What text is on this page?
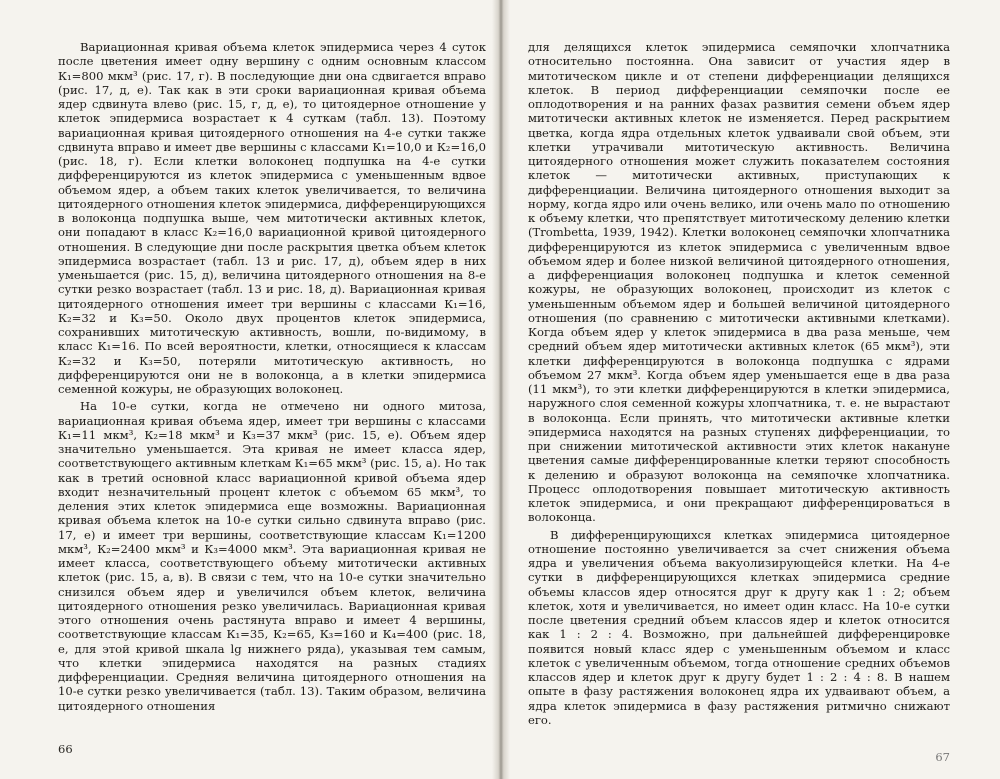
Вариационная кривая объема клеток эпидермиса через 4 суток после цветения имеет одну вершину с одним основным классом К₁=800 мкм³ (рис. 17, г). В последующие дни она сдвигается вправо (рис. 17, д, е). Так как в эти сроки вариационная кривая объема ядер сдвинута влево (рис. 15, г, д, е), то цитоядерное отношение у клеток эпидермиса возрастает к 4 суткам (табл. 13). Поэтому вариационная кривая цитоядерного отношения на 4-е сутки также сдвинута вправо и имеет две вершины с классами К₁=10,0 и К₂=16,0 (рис. 18, г). Если клетки волоконец подпушка на 4-е сутки дифференцируются из клеток эпидермиса с уменьшенным вдвое объемом ядер, а объем таких клеток увеличивается, то величина цитоядерного отношения клеток эпидермиса, дифференцирующихся в волоконца подпушка выше, чем митотически активных клеток, они попадают в класс К₂=16,0 вариационной кривой цитоядерного отношения. В следующие дни после раскрытия цветка объем клеток эпидермиса возрастает (табл. 13 и рис. 17, д), объем ядер в них уменьшается (рис. 15, д), величина цитоядерного отношения на 8-е сутки резко возрастает (табл. 13 и рис. 18, д). Вариационная кривая цитоядерного отношения имеет три вершины с классами К₁=16, К₂=32 и К₃=50. Около двух процентов клеток эпидермиса, сохранивших митотическую активность, вошли, по-видимому, в класс К₁=16. По всей вероятности, клетки, относящиеся к классам К₂=32 и К₃=50, потеряли митотическую активность, но дифференцируются они не в волоконца, а в клетки эпидермиса семенной кожуры, не образующих волоконец.

На 10-е сутки, когда не отмечено ни одного митоза, вариационная кривая объема ядер, имеет три вершины с классами К₁=11 мкм³, К₂=18 мкм³ и К₃=37 мкм³ (рис. 15, е). Объем ядер значительно уменьшается. Эта кривая не имеет класса ядер, соответствующего активным клеткам К₁=65 мкм³ (рис. 15, а). Но так как в третий основной класс вариационной кривой объема ядер входит незначительный процент клеток с объемом 65 мкм³, то деления этих клеток эпидермиса еще возможны. Вариационная кривая объема клеток на 10-е сутки сильно сдвинута вправо (рис. 17, е) и имеет три вершины, соответствующие классам К₁=1200 мкм³, К₂=2400 мкм³ и К₃=4000 мкм³. Эта вариационная кривая не имеет класса, соответствующего объему митотически активных клеток (рис. 15, а, в). В связи с тем, что на 10-е сутки значительно снизился объем ядер и увеличился объем клеток, величина цитоядерного отношения резко увеличилась. Вариационная кривая этого отношения очень растянута вправо и имеет 4 вершины, соответствующие классам К₁=35, К₂=65, К₃=160 и К₄=400 (рис. 18, е, для этой кривой шкала lg нижнего ряда), указывая тем самым, что клетки эпидермиса находятся на разных стадиях дифференциации. Средняя величина цитоядерного отношения на 10-е сутки резко увеличивается (табл. 13). Таким образом, величина цитоядерного отношения

66

для делящихся клеток эпидермиса семяпочки хлопчатника относительно постоянна. Она зависит от участия ядер в митотическом цикле и от степени дифференциации делящихся клеток. В период дифференциации семяпочки после ее оплодотворения и на ранних фазах развития семени объем ядер митотически активных клеток не изменяется. Перед раскрытием цветка, когда ядра отдельных клеток удваивали свой объем, эти клетки утрачивали митотическую активность. Величина цитоядерного отношения может служить показателем состояния клеток — митотически активных, приступающих к дифференциации. Величина цитоядерного отношения выходит за норму, когда ядро или очень велико, или очень мало по отношению к объему клетки, что препятствует митотическому делению клетки (Trombetta, 1939, 1942). Клетки волоконец семяпочки хлопчатника дифференцируются из клеток эпидермиса с увеличенным вдвое объемом ядер и более низкой величиной цитоядерного отношения, а дифференциация волоконец подпушка и клеток семенной кожуры, не образующих волоконец, происходит из клеток с уменьшенным объемом ядер и большей величиной цитоядерного отношения (по сравнению с митотически активными клетками). Когда объем ядер у клеток эпидермиса в два раза меньше, чем средний объем ядер митотически активных клеток (65 мкм³), эти клетки дифференцируются в волоконца подпушка с ядрами объемом 27 мкм³. Когда объем ядер уменьшается еще в два раза (11 мкм³), то эти клетки дифференцируются в клетки эпидермиса, наружного слоя семенной кожуры хлопчатника, т. е. не вырастают в волоконца. Если принять, что митотически активные клетки эпидермиса находятся на разных ступенях дифференциации, то при снижении митотической активности этих клеток накануне цветения самые дифференцированные клетки теряют способность к делению и образуют волоконца на семяпочке хлопчатника. Процесс оплодотворения повышает митотическую активность клеток эпидермиса, и они прекращают дифференцироваться в волоконца.

В дифференцирующихся клетках эпидермиса цитоядерное отношение постоянно увеличивается за счет снижения объема ядра и увеличения объема вакуолизирующейся клетки. На 4-е сутки в дифференцирующихся клетках эпидермиса средние объемы классов ядер относятся друг к другу как 1 : 2; объем клеток, хотя и увеличивается, но имеет один класс. На 10-е сутки после цветения средний объем классов ядер и клеток относится как 1 : 2 : 4. Возможно, при дальнейшей дифференцировке появится новый класс ядер с уменьшенным объемом и класс клеток с увеличенным объемом, тогда отношение средних объемов классов ядер и клеток друг к другу будет 1 : 2 : 4 : 8. В нашем опыте в фазу растяжения волоконец ядра их удваивают объем, а ядра клеток эпидермиса в фазу растяжения ритмично снижают его.

67
